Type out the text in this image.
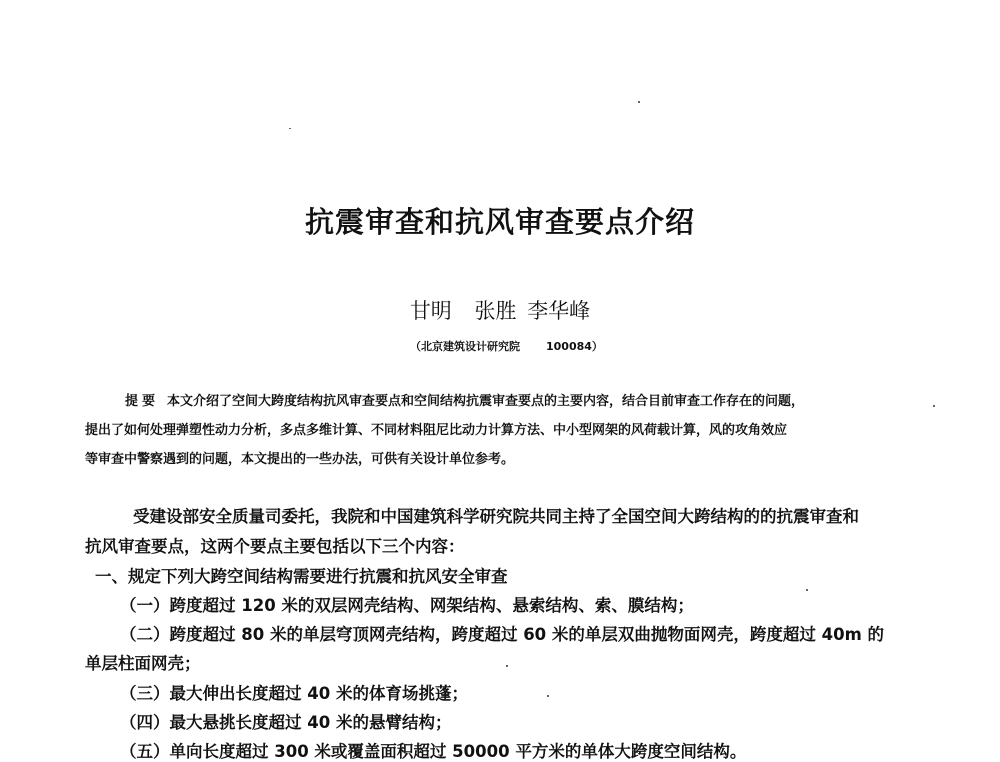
抗震审查和抗风审查要点介绍
甘明 张胜 李华峰
（北京建筑设计研究院 100084）
提要 本文介绍了空间大跨度结构抗风审查要点和空间结构抗震审查要点的主要内容，结合目前审查工作存在的问题，
提出了如何处理弹塑性动力分析，多点多维计算、不同材料阻尼比动力计算方法、中小型网架的风荷载计算，风的攻角效应
等审查中警察遇到的问题，本文提出的一些办法，可供有关设计单位参考。
受建设部安全质量司委托，我院和中国建筑科学研究院共同主持了全国空间大跨结构的的抗震审查和
抗风审查要点，这两个要点主要包括以下三个内容：
一、规定下列大跨空间结构需要进行抗震和抗风安全审查
（一）跨度超过 120 米的双层网壳结构、网架结构、悬索结构、索、膜结构；
（二）跨度超过 80 米的单层穹顶网壳结构，跨度超过 60 米的单层双曲抛物面网壳，跨度超过 40m 的
单层柱面网壳；
（三）最大伸出长度超过 40 米的体育场挑蓬；
（四）最大悬挑长度超过 40 米的悬臂结构；
（五）单向长度超过 300 米或覆盖面积超过 50000 平方米的单体大跨度空间结构。
